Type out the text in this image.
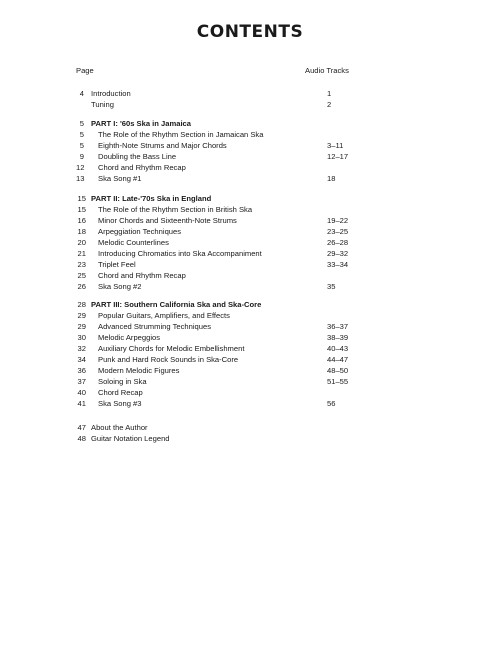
CONTENTS
Page	Audio Tracks
4 Introduction	1
Tuning	2
5 PART I: '60s Ska in Jamaica
5 The Role of the Rhythm Section in Jamaican Ska
5 Eighth-Note Strums and Major Chords	3–11
9 Doubling the Bass Line	12–17
12 Chord and Rhythm Recap
13 Ska Song #1	18
15 PART II: Late-'70s Ska in England
15 The Role of the Rhythm Section in British Ska
16 Minor Chords and Sixteenth-Note Strums	19–22
18 Arpeggiation Techniques	23–25
20 Melodic Counterlines	26–28
21 Introducing Chromatics into Ska Accompaniment	29–32
23 Triplet Feel	33–34
25 Chord and Rhythm Recap
26 Ska Song #2	35
28 PART III: Southern California Ska and Ska-Core
29 Popular Guitars, Amplifiers, and Effects
29 Advanced Strumming Techniques	36–37
30 Melodic Arpeggios	38–39
32 Auxiliary Chords for Melodic Embellishment	40–43
34 Punk and Hard Rock Sounds in Ska-Core	44–47
36 Modern Melodic Figures	48–50
37 Soloing in Ska	51–55
40 Chord Recap
41 Ska Song #3	56
47 About the Author
48 Guitar Notation Legend
